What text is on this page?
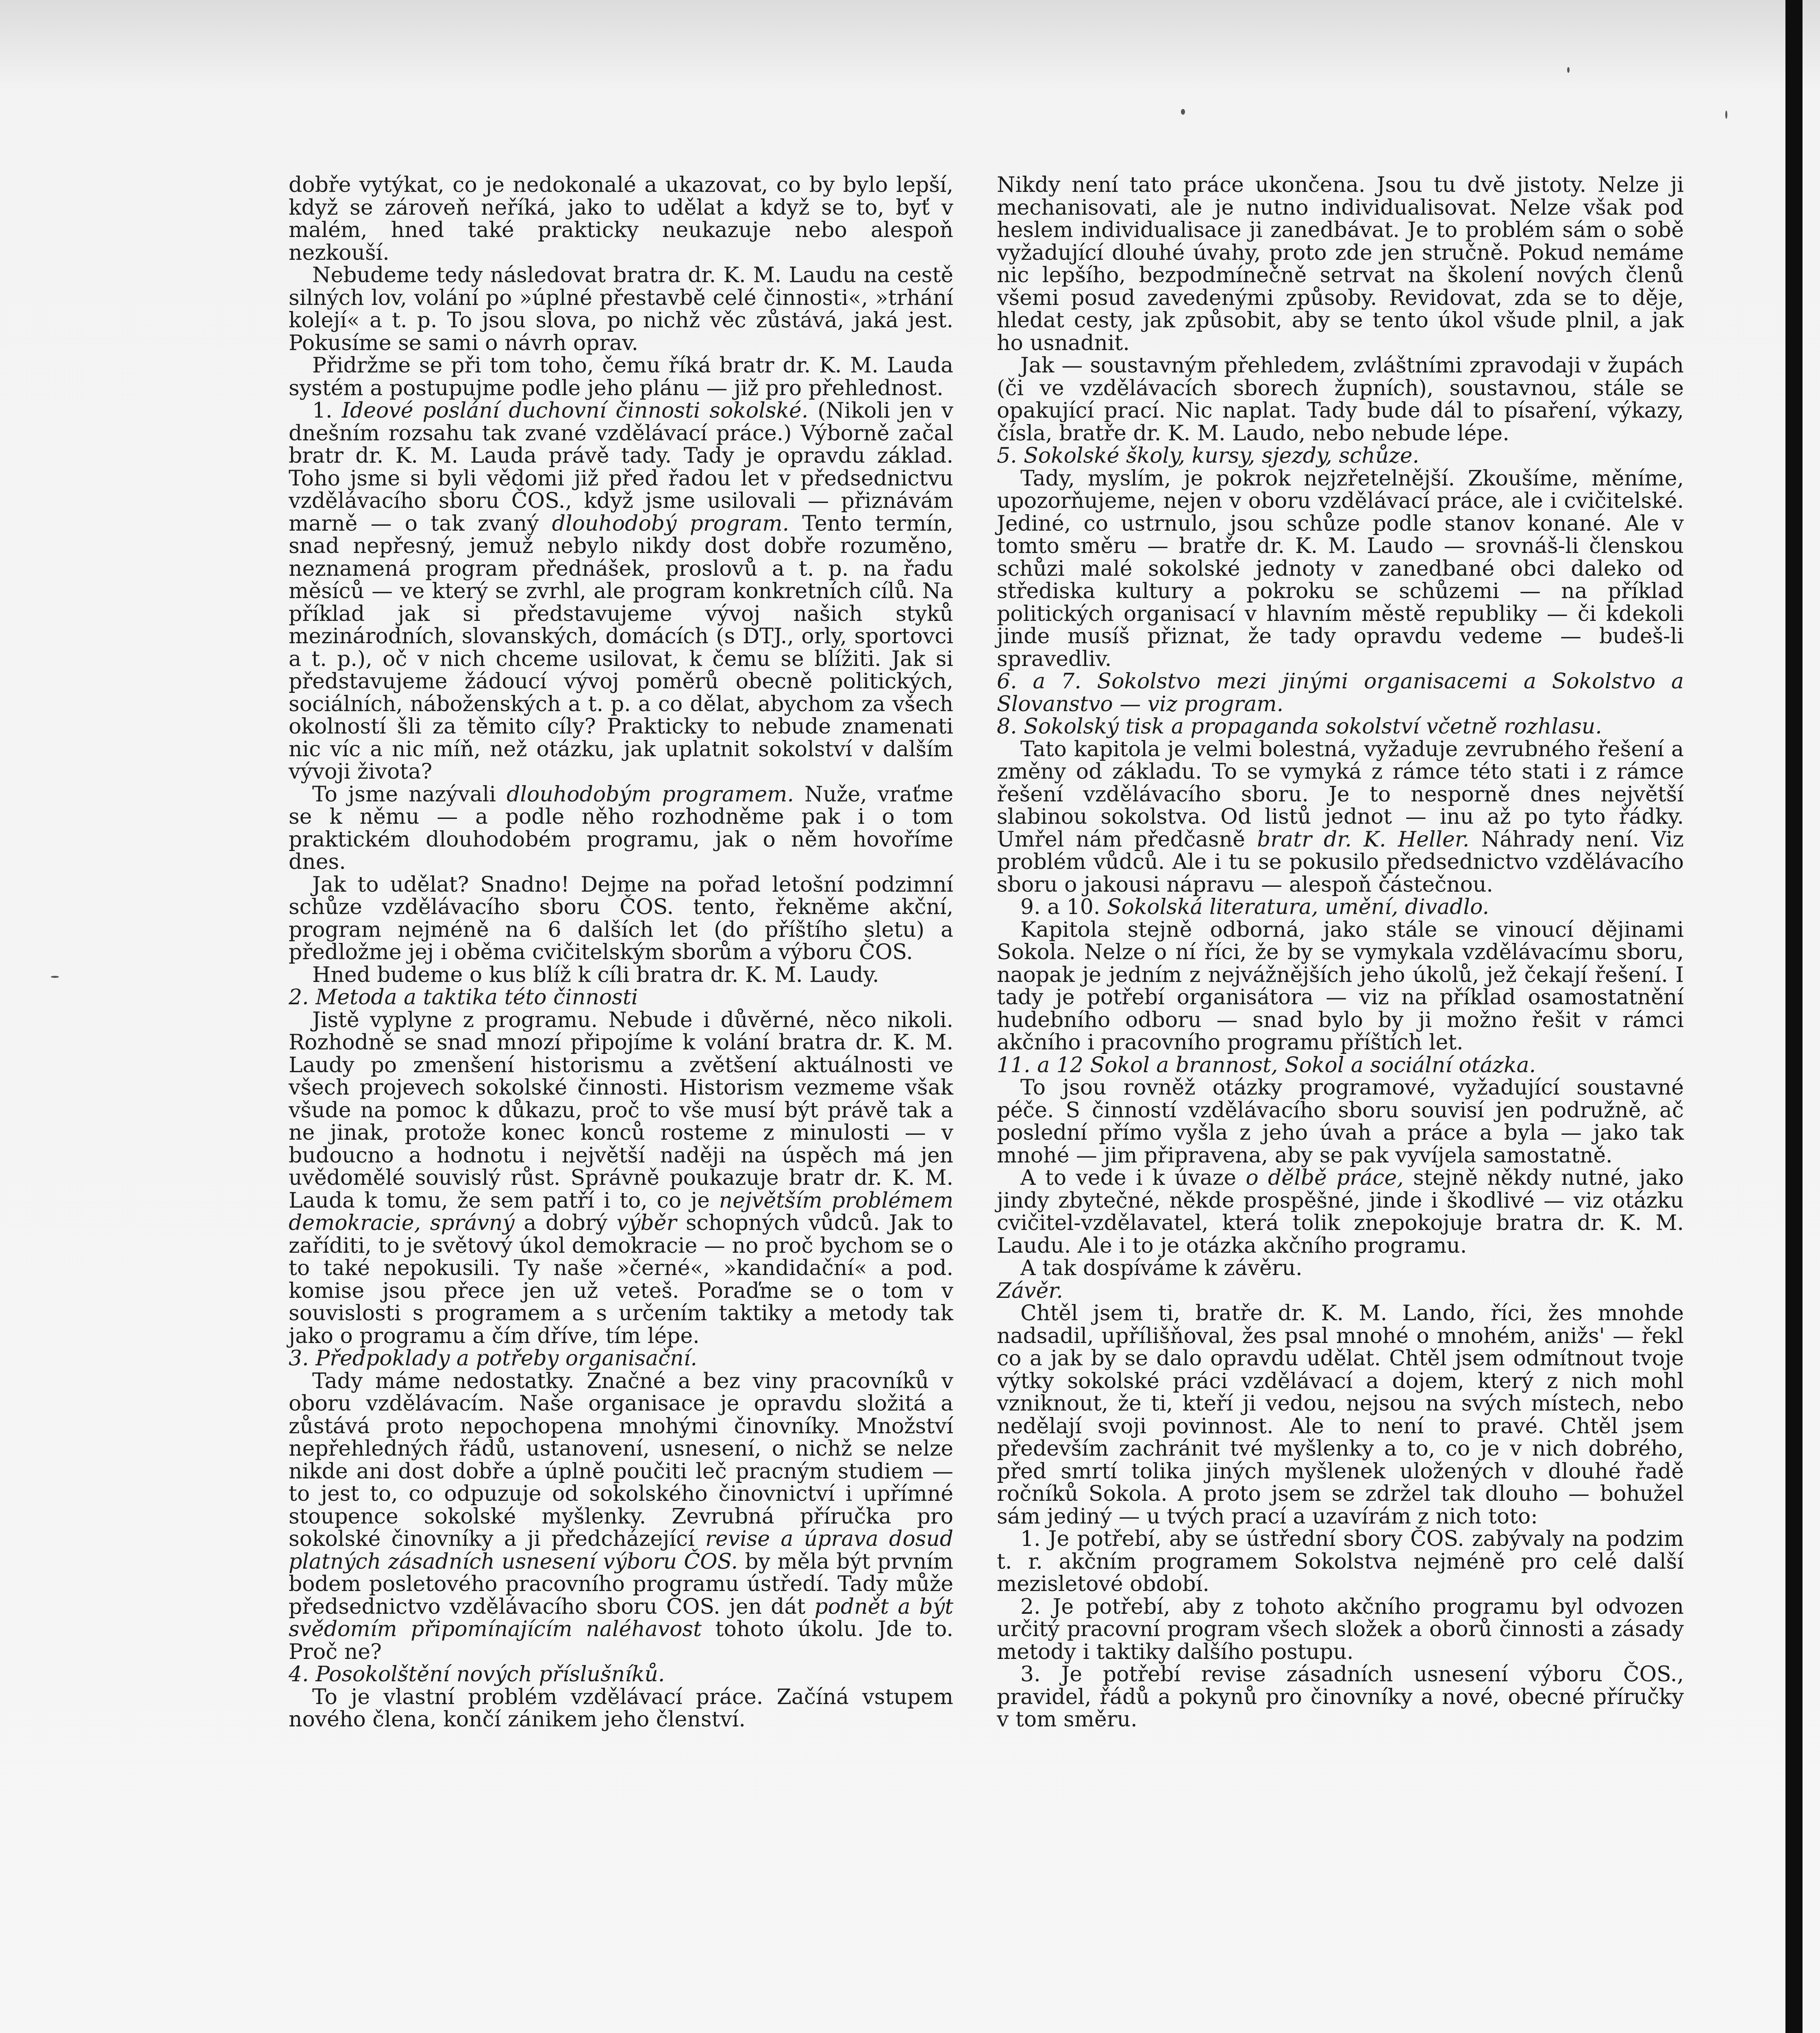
dobře vytýkat, co je nedokonalé a ukazovat, co by bylo lepší, když se zároveň neříká, jako to udělat a když se to, byť v malém, hned také prakticky neukazuje nebo alespoň nezkouší.

Nebudeme tedy následovat bratra dr. K. M. Laudu na cestě silných lov, volání po »úplné přestavbě celé činnosti«, »trhání kolejí« a t. p. To jsou slova, po nichž věc zůstává, jaká jest. Pokusíme se sami o návrh oprav.

Přidržme se při tom toho, čemu říká bratr dr. K. M. Lauda systém a postupujme podle jeho plánu — již pro přehlednost.

1. Ideové poslání duchovní činnosti sokolské. (Nikoli jen v dnešním rozsahu tak zvané vzdělávací práce.) Výborně začal bratr dr. K. M. Lauda právě tady. Tady je opravdu základ. Toho jsme si byli vědomi již před řadou let v předsednictvu vzdělávacího sboru ČOS., když jsme usilovali — přiznávám marně — o tak zvaný dlouhodobý program. Tento termín, snad nepřesný, jemuž nebylo nikdy dost dobře rozuměno, neznamená program přednášek, proslovů a t. p. na řadu měsíců — ve který se zvrhl, ale program konkretních cílů. Na příklad jak si představujeme vývoj našich styků mezinárodních, slovanských, domácích (s DTJ., orly, sportovci a t. p.), oč v nich chceme usilovat, k čemu se blížiti. Jak si představujeme žádoucí vývoj poměrů obecně politických, sociálních, náboženských a t. p. a co dělat, abychom za všech okolností šli za těmito cíly? Prakticky to nebude znamenati nic víc a nic míň, než otázku, jak uplatnit sokolství v dalším vývoji života?

To jsme nazývali dlouhodobým programem. Nuže, vraťme se k němu — a podle něho rozhodněme pak i o tom praktickém dlouhodobém programu, jak o něm hovoříme dnes.

Jak to udělat? Snadno! Dejme na pořad letošní podzimní schůze vzdělávacího sboru ČOS. tento, řekněme akční, program nejméně na 6 dalších let (do příštího sletu) a předložme jej i oběma cvičitelským sborům a výboru ČOS.

Hned budeme o kus blíž k cíli bratra dr. K. M. Laudy.

2. Metoda a taktika této činnosti

Jistě vyplyne z programu. Nebude i důvěrné, něco nikoli. Rozhodně se snad mnozí připojíme k volání bratra dr. K. M. Laudy po zmenšení historismu a zvětšení aktuálnosti ve všech projevech sokolské činnosti. Historism vezmeme však všude na pomoc k důkazu, proč to vše musí být právě tak a ne jinak, protože konec konců rosteme z minulosti — v budoucno a hodnotu i největší naději na úspěch má jen uvědomělé souvislý růst. Správně poukazuje bratr dr. K. M. Lauda k tomu, že sem patří i to, co je největším problémem demokracie, správný a dobrý výběr schopných vůdců. Jak to zaříditi, to je světový úkol demokracie — no proč bychom se o to také nepokusili. Ty naše »černé«, »kandidační« a pod. komise jsou přece jen už veteš. Poraďme se o tom v souvislosti s programem a s určením taktiky a metody tak jako o programu a čím dříve, tím lépe.

3. Předpoklady a potřeby organisační.

Tady máme nedostatky. Značné a bez viny pracovníků v oboru vzdělávacím. Naše organisace je opravdu složitá a zůstává proto nepochopena mnohými činovníky. Množství nepřehledných řádů, ustanovení, usnesení, o nichž se nelze nikde ani dost dobře a úplně poučiti leč pracným studiem — to jest to, co odpuzuje od sokolského činovnictví i upřímné stoupence sokolské myšlenky. Zevrubná příručka pro sokolské činovníky a ji předcházející revise a úprava dosud platných zásadních usnesení výboru ČOS. by měla být prvním bodem posletového pracovního programu ústředí. Tady může předsednictvo vzdělávacího sboru ČOS. jen dát podnět a být svědomím připomínajícím naléhavost tohoto úkolu. Jde to. Proč ne?

4. Posokolštění nových příslušníků.

To je vlastní problém vzdělávací práce. Začíná vstupem nového člena, končí zánikem jeho členství.

Nikdy není tato práce ukončena. Jsou tu dvě jistoty. Nelze ji mechanisovati, ale je nutno individualisovat. Nelze však pod heslem individualisace ji zanedbávat. Je to problém sám o sobě vyžadující dlouhé úvahy, proto zde jen stručně. Pokud nemáme nic lepšího, bezpodmínečně setrvat na školení nových členů všemi posud zavedenými způsoby. Revidovat, zda se to děje, hledat cesty, jak způsobit, aby se tento úkol všude plnil, a jak ho usnadnit.

Jak — soustavným přehledem, zvláštními zpravodaji v župách (či ve vzdělávacích sborech župních), soustavnou, stále se opakující prací. Nic naplat. Tady bude dál to písaření, výkazy, čísla, bratře dr. K. M. Laudo, nebo nebude lépe.

5. Sokolské školy, kursy, sjezdy, schůze.

Tady, myslím, je pokrok nejzřetelnější. Zkoušíme, měníme, upozorňujeme, nejen v oboru vzdělávací práce, ale i cvičitelské. Jediné, co ustrnulo, jsou schůze podle stanov konané. Ale v tomto směru — bratře dr. K. M. Laudo — srovnáš-li členskou schůzi malé sokolské jednoty v zanedbané obci daleko od střediska kultury a pokroku se schůzemi — na příklad politických organisací v hlavním městě republiky — či kdekoli jinde musíš přiznat, že tady opravdu vedeme — budeš-li spravedliv.

6. a 7. Sokolstvo mezi jinými organisacemi a Sokolstvo a Slovanstvo — viz program.

8. Sokolský tisk a propaganda sokolství včetně rozhlasu.

Tato kapitola je velmi bolestná, vyžaduje zevrubného řešení a změny od základu. To se vymyká z rámce této stati i z rámce řešení vzdělávacího sboru. Je to nesporně dnes největší slabinou sokolstva. Od listů jednot — inu až po tyto řádky. Umřel nám předčasně bratr dr. K. Heller. Náhrady není. Viz problém vůdců. Ale i tu se pokusilo předsednictvo vzdělávacího sboru o jakousi nápravu — alespoň částečnou.

9. a 10. Sokolská literatura, umění, divadlo.

Kapitola stejně odborná, jako stále se vinoucí dějinami Sokola. Nelze o ní říci, že by se vymykala vzdělávacímu sboru, naopak je jedním z nejvážnějších jeho úkolů, jež čekají řešení. I tady je potřebí organisátora — viz na příklad osamostatnění hudebního odboru — snad bylo by ji možno řešit v rámci akčního i pracovního programu příštích let.

11. a 12 Sokol a brannost, Sokol a sociální otázka.

To jsou rovněž otázky programové, vyžadující soustavné péče. S činností vzdělávacího sboru souvisí jen podružně, ač poslední přímo vyšla z jeho úvah a práce a byla — jako tak mnohé — jim připravena, aby se pak vyvíjela samostatně.

A to vede i k úvaze o dělbě práce, stejně někdy nutné, jako jindy zbytečné, někde prospěšné, jinde i škodlivé — viz otázku cvičitel-vzdělavatel, která tolik znepokojuje bratra dr. K. M. Laudu. Ale i to je otázka akčního programu.

A tak dospíváme k závěru.

Závěr.

Chtěl jsem ti, bratře dr. K. M. Lando, říci, žes mnohde nadsadil, upřílišňoval, žes psal mnohé o mnohém, anižs' — řekl co a jak by se dalo opravdu udělat. Chtěl jsem odmítnout tvoje výtky sokolské práci vzdělávací a dojem, který z nich mohl vzniknout, že ti, kteří ji vedou, nejsou na svých místech, nebo nedělají svoji povinnost. Ale to není to pravé. Chtěl jsem především zachránit tvé myšlenky a to, co je v nich dobrého, před smrtí tolika jiných myšlenek uložených v dlouhé řadě ročníků Sokola. A proto jsem se zdržel tak dlouho — bohužel sám jediný — u tvých prací a uzavírám z nich toto:

1. Je potřebí, aby se ústřední sbory ČOS. zabývaly na podzim t. r. akčním programem Sokolstva nejméně pro celé další mezisletové období.

2. Je potřebí, aby z tohoto akčního programu byl odvozen určitý pracovní program všech složek a oborů činnosti a zásady metody i taktiky dalšího postupu.

3. Je potřebí revise zásadních usnesení výboru ČOS., pravidel, řádů a pokynů pro činovníky a nové, obecné příručky v tom směru.
